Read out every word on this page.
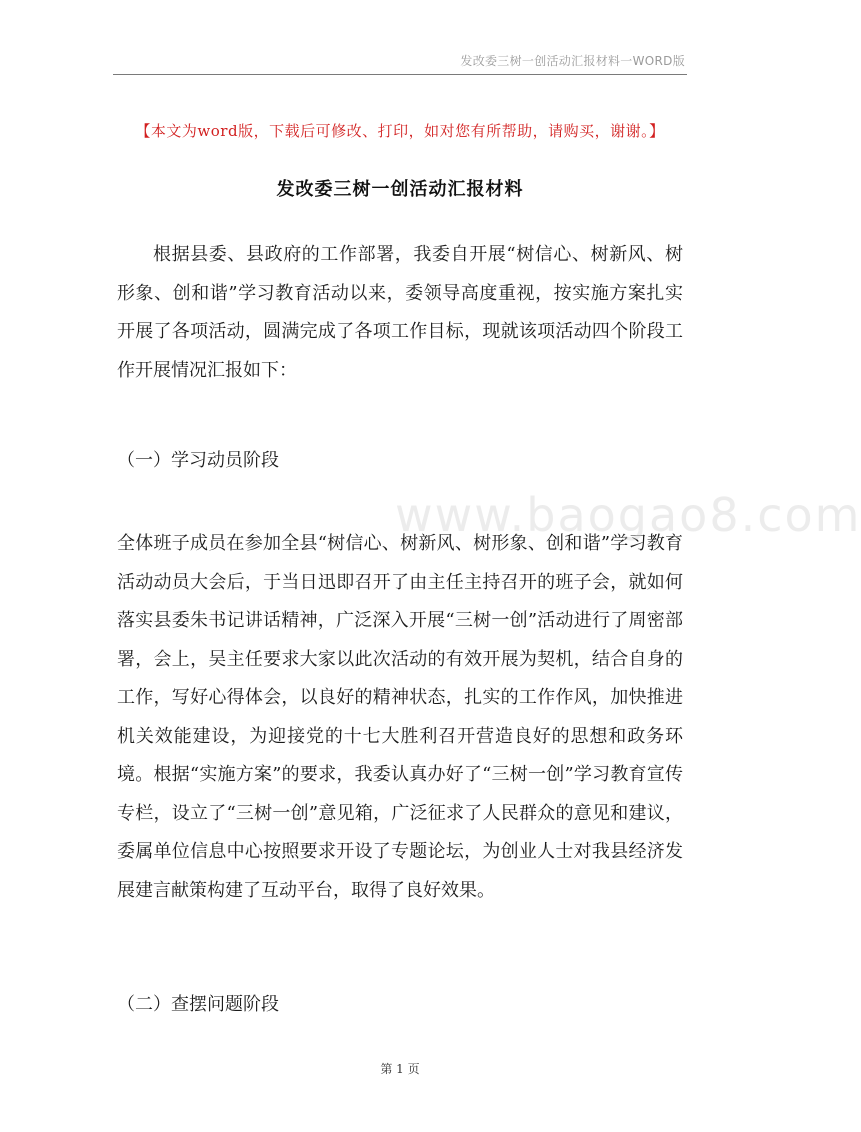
发改委三树一创活动汇报材料一WORD版
【本文为word版，下载后可修改、打印，如对您有所帮助，请购买，谢谢。】
发改委三树一创活动汇报材料
根据县委、县政府的工作部署，我委自开展“树信心、树新风、树形象、创和谐”学习教育活动以来，委领导高度重视，按实施方案扎实开展了各项活动，圆满完成了各项工作目标，现就该项活动四个阶段工作开展情况汇报如下：
（一）学习动员阶段
全体班子成员在参加全县“树信心、树新风、树形象、创和谐”学习教育活动动员大会后，于当日迅即召开了由主任主持召开的班子会，就如何落实县委朱书记讲话精神，广泛深入开展“三树一创”活动进行了周密部署，会上，吴主任要求大家以此次活动的有效开展为契机，结合自身的工作，写好心得体会，以良好的精神状态，扎实的工作作风，加快推进机关效能建设，为迎接党的十七大胜利召开营造良好的思想和政务环境。根据“实施方案”的要求，我委认真办好了“三树一创”学习教育宣传专栏，设立了“三树一创”意见箱，广泛征求了人民群众的意见和建议，委属单位信息中心按照要求开设了专题论坛，为创业人士对我县经济发展建言献策构建了互动平台，取得了良好效果。
（二）查摆问题阶段
www.baogao8.com
第 1 页
